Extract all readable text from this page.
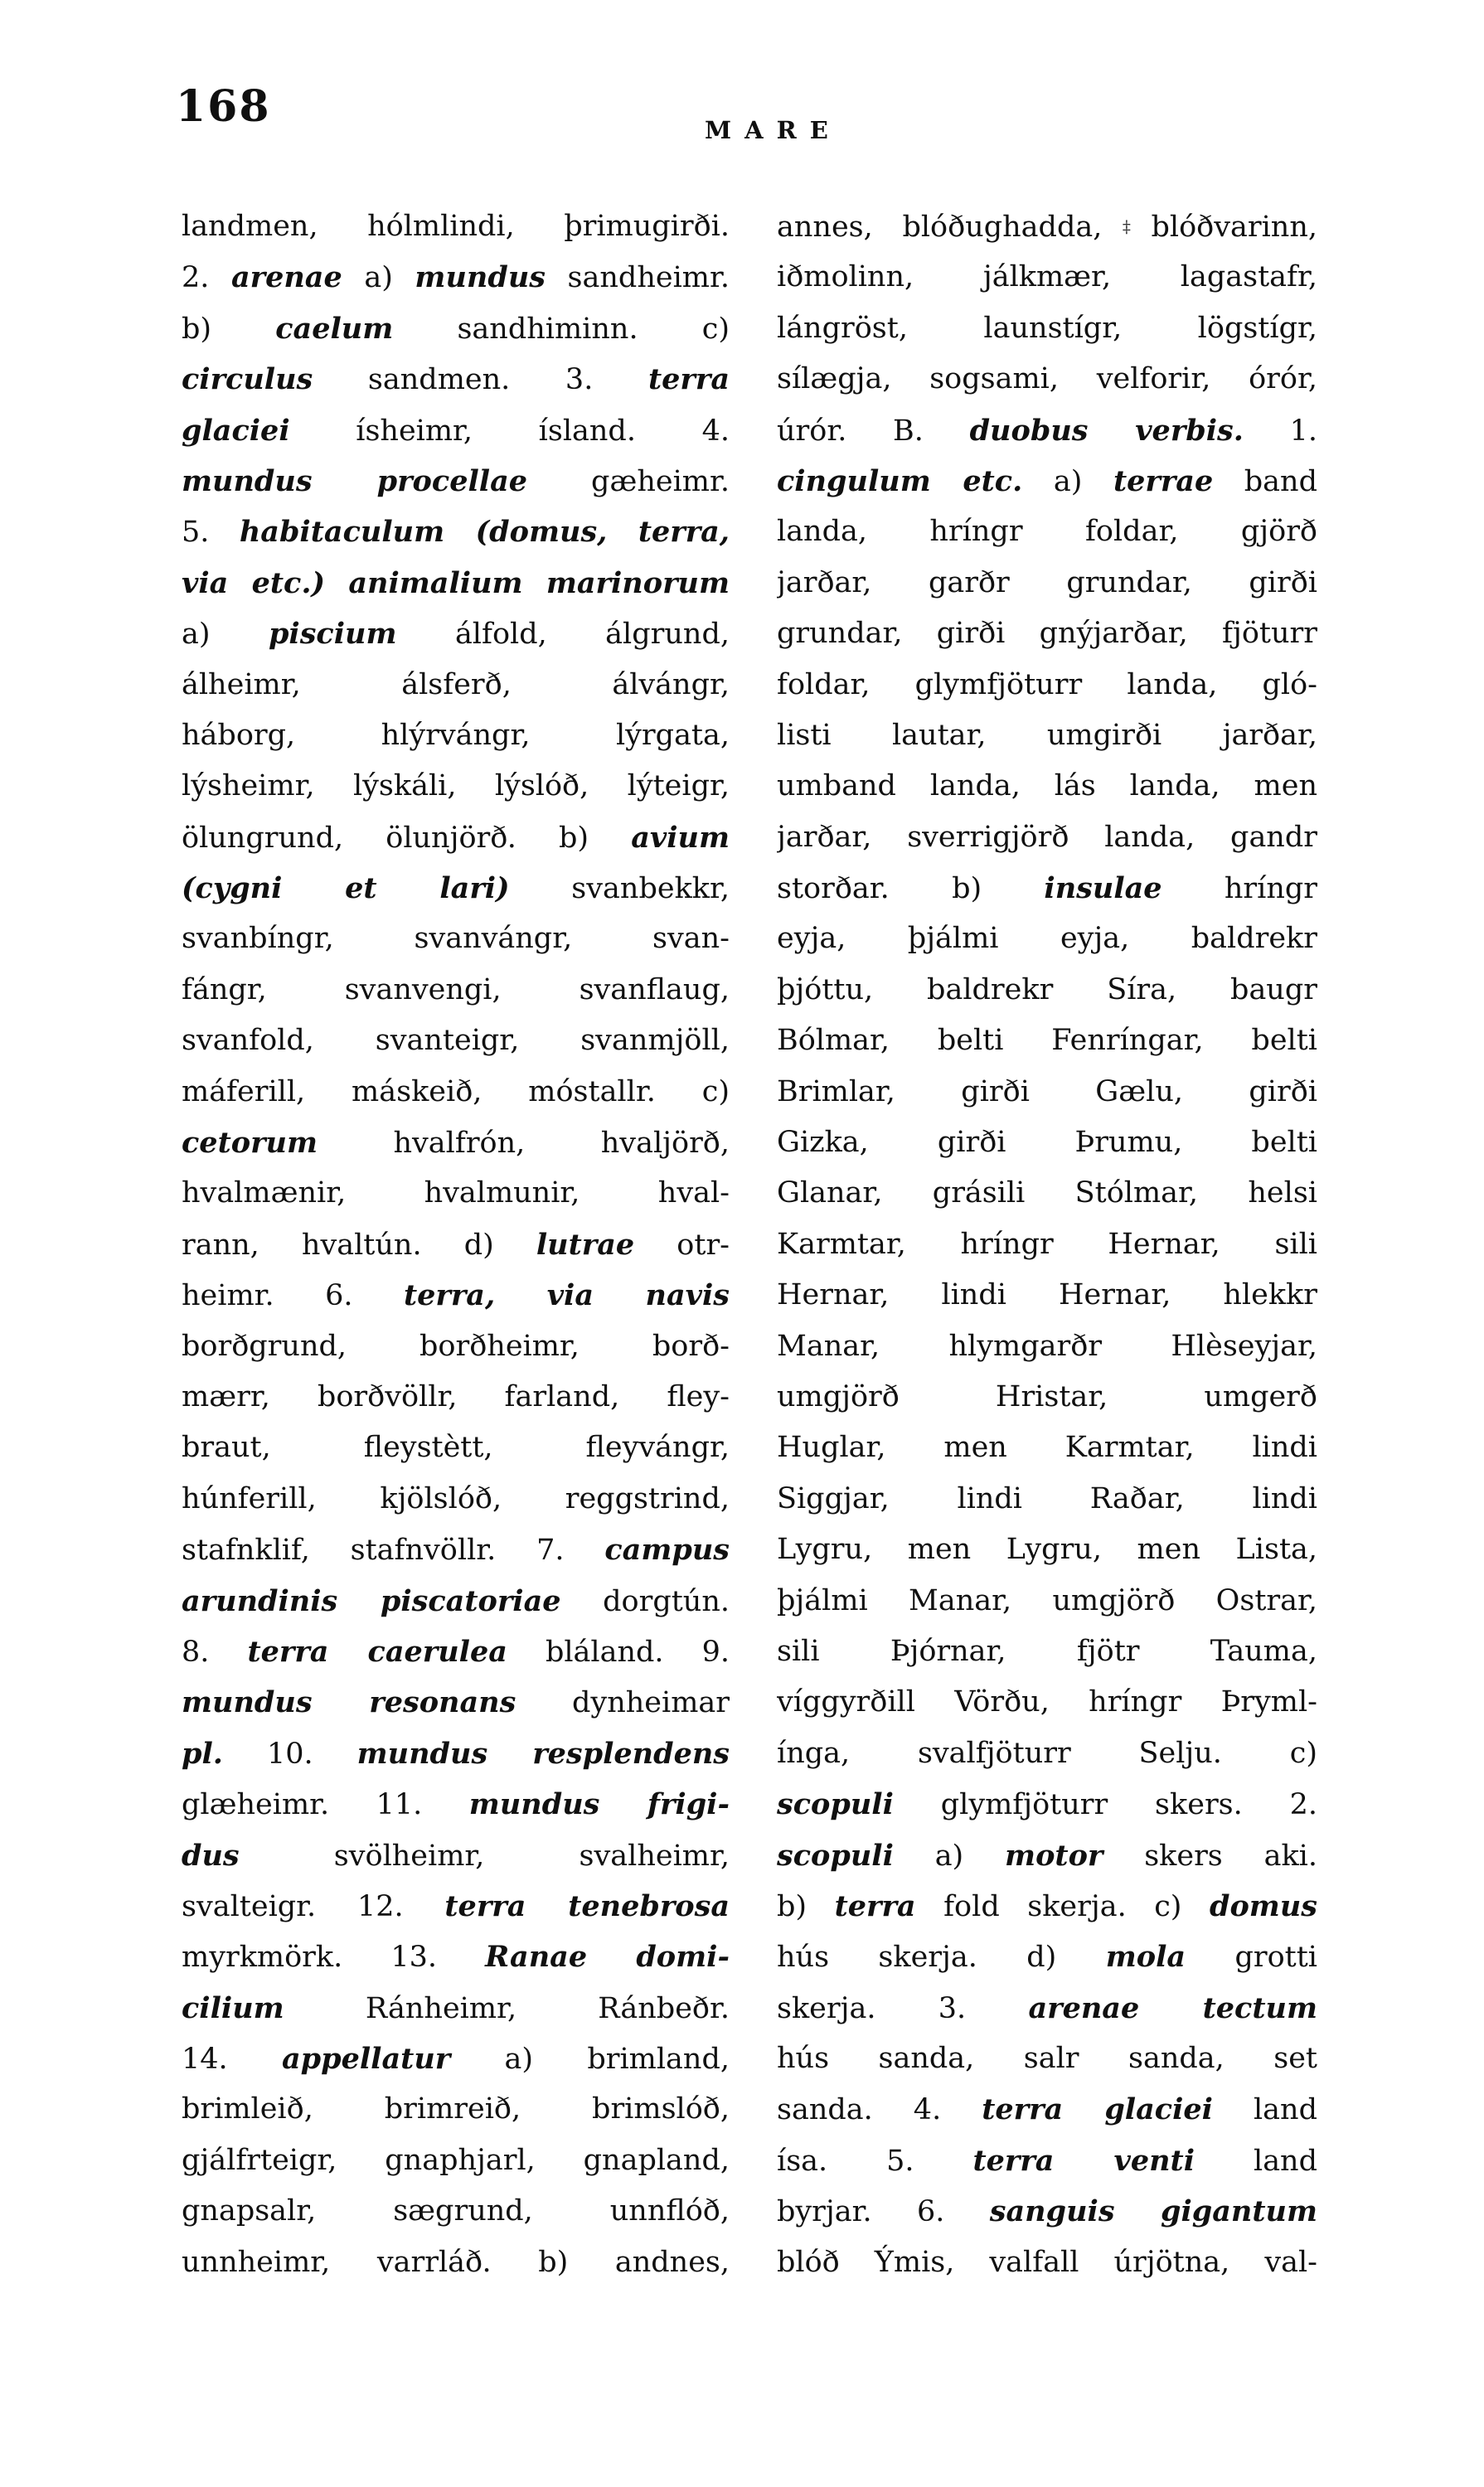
168	MARE
landmen, hólmlindi, þrimugirði.
2. arenae a) mundus sandheimr.
b) caelum sandhiminn. c)
circulus sandmen. 3. terra
glaciei ísheimr, ísland. 4.
mundus procellae gæheimr.
5. habitaculum (domus, terra,
via etc.) animalium marinorum
a) piscium álfold, álgrund,
álheimr, álsferð, álvángr,
háborg, hlýrvángr, lýrgata,
lýsheimr, lýskáli, lýslóð, lýteigr,
ölungrund, ölunjörð. b) avium
(cygni et lari) svanbekkr,
svanbíngr, svanvángr, svan-
fángr, svanvengi, svanflaug,
svanfold, svanteigr, svanmjöll,
máferill, máskeið, móstallr. c)
cetorum hvalfrón, hvaljörð,
hvalmænir, hvalmunir, hval-
rann, hvaltún. d) lutrae otr-
heimr. 6. terra, via navis
borðgrund, borðheimr, borð-
mærr, borðvöllr, farland, fley-
braut, fleystètt, fleyvángr,
húnferill, kjölslóð, reggstrind,
stafnklif, stafnvöllr. 7. campus
arundinis piscatoriae dorgtún.
8. terra caerulea bláland. 9.
mundus resonans dynheimar
pl. 10. mundus resplendens
glæheimr. 11. mundus frigi-
dus svölheimr, svalheimr,
svalteigr. 12. terra tenebrosa
myrkmörk. 13. Ranae domi-
cilium Ránheimr, Ránbeðr.
14. appellatur a) brimland,
brimleið, brimreið, brimslóð,
gjálfrteigr, gnaphjarl, gnapland,
gnapsalr, sægrund, unnflóð,
unnheimr, varrláð. b) andnes,
annes, blóðughadda,‡blóðvarinn,
iðmolinn, jálkmær, lagastafr,
lángröst, launstígr, lögstígr,
sílægja, sogsami, velforir, órór,
úrór. B. duobus verbis. 1.
cingulum etc. a) terrae band
landa, hríngr foldar, gjörð
jarðar, garðr grundar, girði
grundar, girði gnýjarðar, fjöturr
foldar, glymfjöturr landa, gló-
listi lautar, umgirði jarðar,
umband landa, lás landa, men
jarðar, sverrigjörð landa, gandr
storðar. b) insulae hríngr
eyja, þjálmi eyja, baldrekr
þjóttu, baldrekr Síra, baugr
Bólmar, belti Fenríngar, belti
Brimlar, girði Gælu, girði
Gizka, girði Þrumu, belti
Glanar, grásili Stólmar, helsi
Karmtar, hríngr Hernar, sili
Hernar, lindi Hernar, hlekkr
Manar, hlymgarðr Hlèseyjar,
umgjörð Hristar, umgerð
Huglar, men Karmtar, lindi
Siggjar, lindi Raðar, lindi
Lygru, men Lygru, men Lista,
þjálmi Manar, umgjörð Ostrar,
sili Þjórnar, fjötr Tauma,
víggyrðill Vörðu, hríngr Þryml-
ínga, svalfjöturr Selju. c)
scopuli glymfjöturr skers. 2.
scopuli a) motor skers aki.
b) terra fold skerja. c) domus
hús skerja. d) mola grotti
skerja. 3. arenae tectum
hús sanda, salr sanda, set
sanda. 4. terra glaciei land
ísa. 5. terra venti land
byrjar. 6. sanguis gigantum
blóð Ýmis, valfall úrjötna, val-
